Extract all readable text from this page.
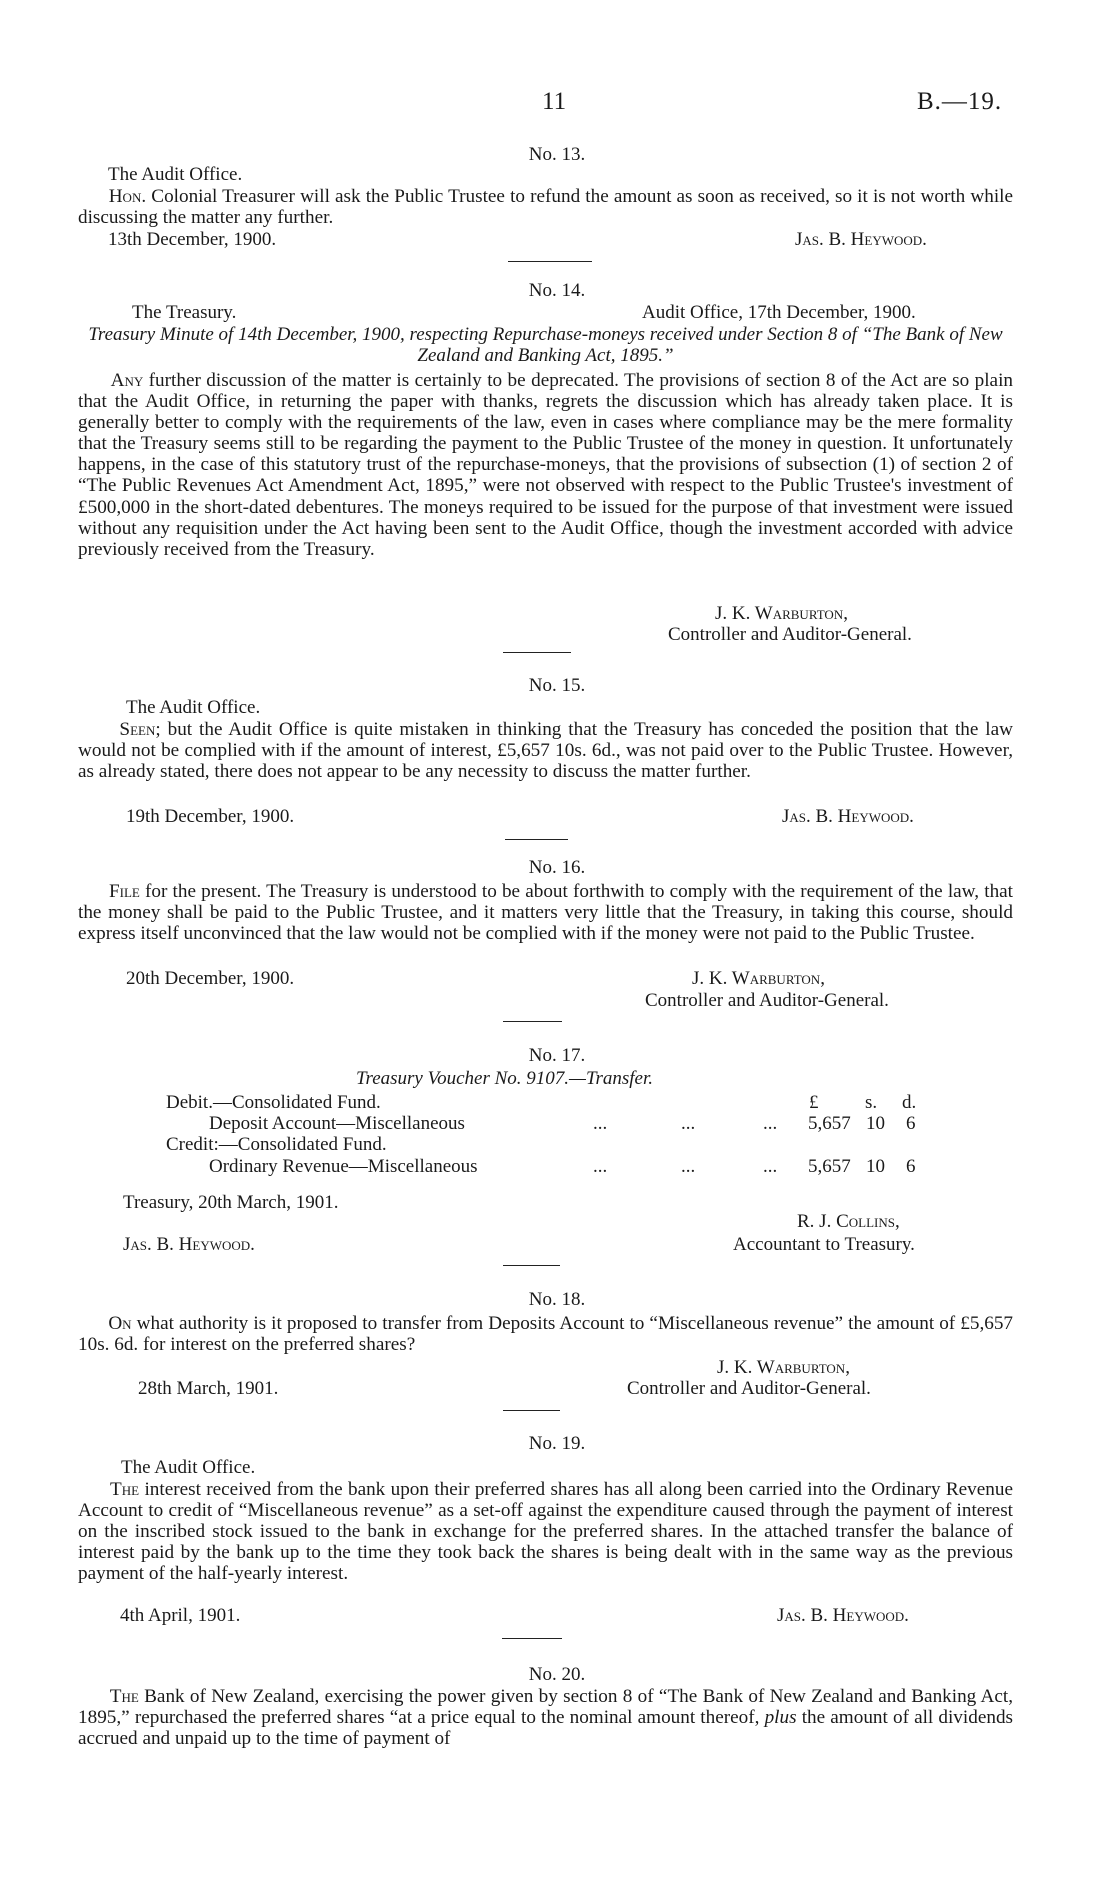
11	B.—19.
No. 13.
The Audit Office.
Hon. Colonial Treasurer will ask the Public Trustee to refund the amount as soon as received, so it is not worth while discussing the matter any further.
13th December, 1900.	Jas. B. Heywood.
No. 14.
The Treasury.	Audit Office, 17th December, 1900.
Treasury Minute of 14th December, 1900, respecting Repurchase-moneys received under Section 8 of “The Bank of New Zealand and Banking Act, 1895.”
Any further discussion of the matter is certainly to be deprecated. The provisions of section 8 of the Act are so plain that the Audit Office, in returning the paper with thanks, regrets the discussion which has already taken place. It is generally better to comply with the requirements of the law, even in cases where compliance may be the mere formality that the Treasury seems still to be regarding the payment to the Public Trustee of the money in question. It unfortunately happens, in the case of this statutory trust of the repurchase-moneys, that the provisions of subsection (1) of section 2 of “The Public Revenues Act Amendment Act, 1895,” were not observed with respect to the Public Trustee's investment of £500,000 in the short-dated debentures. The moneys required to be issued for the purpose of that investment were issued without any requisition under the Act having been sent to the Audit Office, though the investment accorded with advice previously received from the Treasury.
J. K. Warburton,
Controller and Auditor-General.
No. 15.
The Audit Office.
Seen; but the Audit Office is quite mistaken in thinking that the Treasury has conceded the position that the law would not be complied with if the amount of interest, £5,657 10s. 6d., was not paid over to the Public Trustee. However, as already stated, there does not appear to be any necessity to discuss the matter further.
19th December, 1900.	Jas. B. Heywood.
No. 16.
File for the present. The Treasury is understood to be about forthwith to comply with the requirement of the law, that the money shall be paid to the Public Trustee, and it matters very little that the Treasury, in taking this course, should express itself unconvinced that the law would not be complied with if the money were not paid to the Public Trustee.
20th December, 1900.	J. K. Warburton,
Controller and Auditor-General.
No. 17.
Treasury Voucher No. 9107.—Transfer.
£ s. d.
Debit.—Consolidated Fund.
Deposit Account—Miscellaneous	...	...	... 5,657 10 6
Credit:—Consolidated Fund.
Ordinary Revenue—Miscellaneous	...	...	... 5,657 10 6
Treasury, 20th March, 1901.
R. J. Collins,
Jas. B. Heywood.	Accountant to Treasury.
No. 18.
On what authority is it proposed to transfer from Deposits Account to “Miscellaneous revenue” the amount of £5,657 10s. 6d. for interest on the preferred shares?
J. K. Warburton,
28th March, 1901.	Controller and Auditor-General.
No. 19.
The Audit Office.
The interest received from the bank upon their preferred shares has all along been carried into the Ordinary Revenue Account to credit of “Miscellaneous revenue” as a set-off against the expenditure caused through the payment of interest on the inscribed stock issued to the bank in exchange for the preferred shares. In the attached transfer the balance of interest paid by the bank up to the time they took back the shares is being dealt with in the same way as the previous payment of the half-yearly interest.
4th April, 1901.	Jas. B. Heywood.
No. 20.
The Bank of New Zealand, exercising the power given by section 8 of “The Bank of New Zealand and Banking Act, 1895,” repurchased the preferred shares “at a price equal to the nominal amount thereof, plus the amount of all dividends accrued and unpaid up to the time of payment of
